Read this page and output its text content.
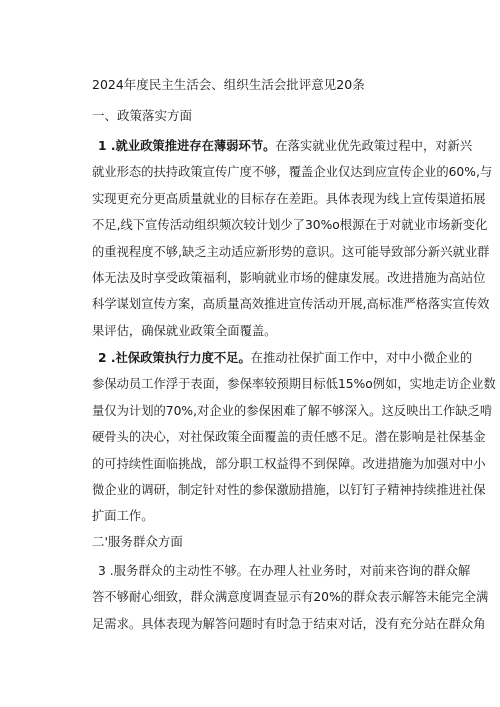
2024年度民主生活会、组织生活会批评意见20条
一、政策落实方面
1 .就业政策推进存在薄弱环节。在落实就业优先政策过程中，对新兴
就业形态的扶持政策宣传广度不够，覆盖企业仅达到应宣传企业的60%,与
实现更充分更高质量就业的目标存在差距。具体表现为线上宣传渠道拓展
不足,线下宣传活动组织频次较计划少了30%o根源在于对就业市场新变化
的重视程度不够,缺乏主动适应新形势的意识。这可能导致部分新兴就业群
体无法及时享受政策福利，影响就业市场的健康发展。改进措施为高站位
科学谋划宣传方案，高质量高效推进宣传活动开展,高标准严格落实宣传效
果评估，确保就业政策全面覆盖。
2 .社保政策执行力度不足。在推动社保扩面工作中，对中小微企业的
参保动员工作浮于表面，参保率较预期目标低15%o例如，实地走访企业数
量仅为计划的70%,对企业的参保困难了解不够深入。这反映出工作缺乏啃
硬骨头的决心，对社保政策全面覆盖的责任感不足。潜在影响是社保基金
的可持续性面临挑战，部分职工权益得不到保障。改进措施为加强对中小
微企业的调研，制定针对性的参保激励措施，以钉钉子精神持续推进社保
扩面工作。
二'服务群众方面
3 .服务群众的主动性不够。在办理人社业务时，对前来咨询的群众解
答不够耐心细致，群众满意度调查显示有20%的群众表示解答未能完全满
足需求。具体表现为解答问题时有时急于结束对话，没有充分站在群众角
